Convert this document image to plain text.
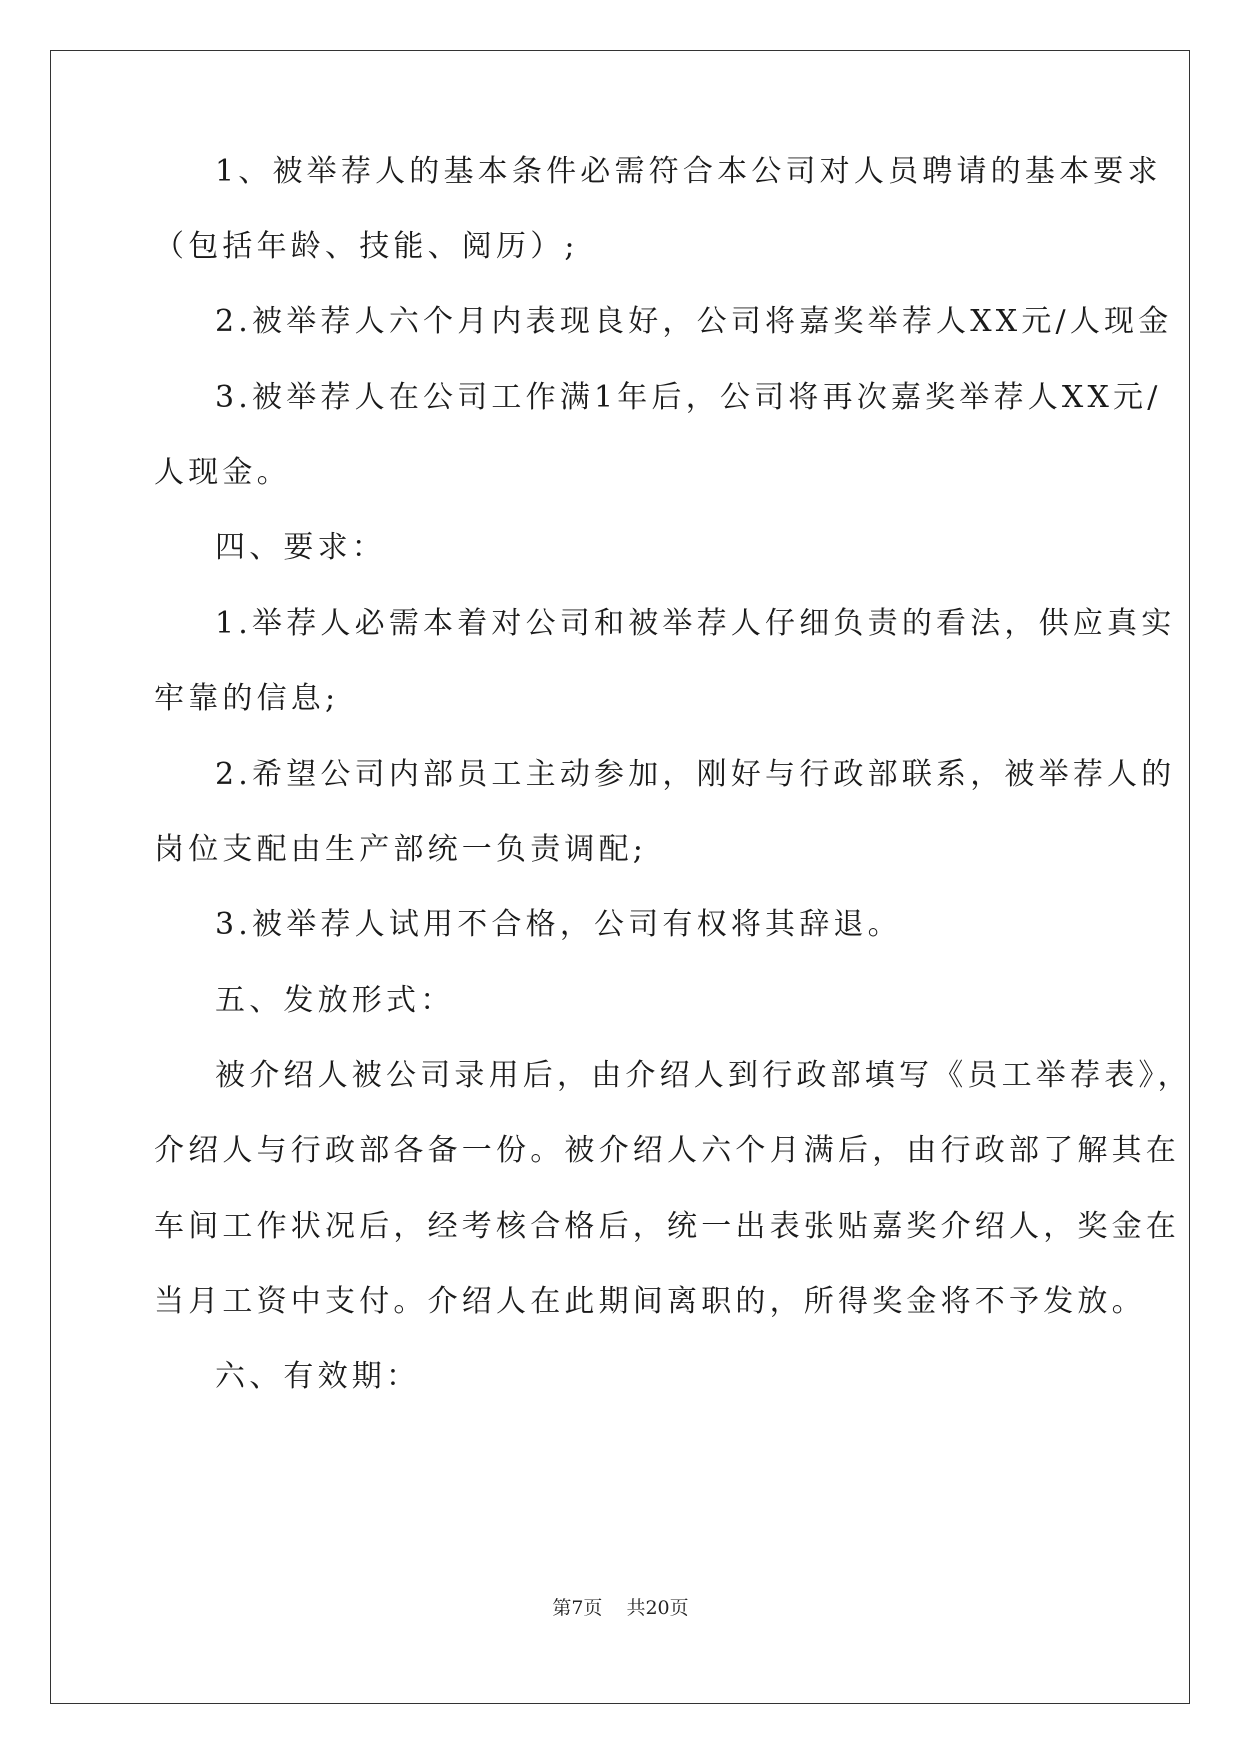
1、被举荐人的基本条件必需符合本公司对人员聘请的基本要求
（包括年龄、技能、阅历）;
2.被举荐人六个月内表现良好，公司将嘉奖举荐人XX元/人现金
3.被举荐人在公司工作满1年后，公司将再次嘉奖举荐人XX元/
人现金。
四、要求：
1.举荐人必需本着对公司和被举荐人仔细负责的看法，供应真实
牢靠的信息;
2.希望公司内部员工主动参加，刚好与行政部联系，被举荐人的
岗位支配由生产部统一负责调配;
3.被举荐人试用不合格，公司有权将其辞退。
五、发放形式：
被介绍人被公司录用后，由介绍人到行政部填写《员工举荐表》，
介绍人与行政部各备一份。被介绍人六个月满后，由行政部了解其在
车间工作状况后，经考核合格后，统一出表张贴嘉奖介绍人，奖金在
当月工资中支付。介绍人在此期间离职的，所得奖金将不予发放。
六、有效期：
第7页 共20页
